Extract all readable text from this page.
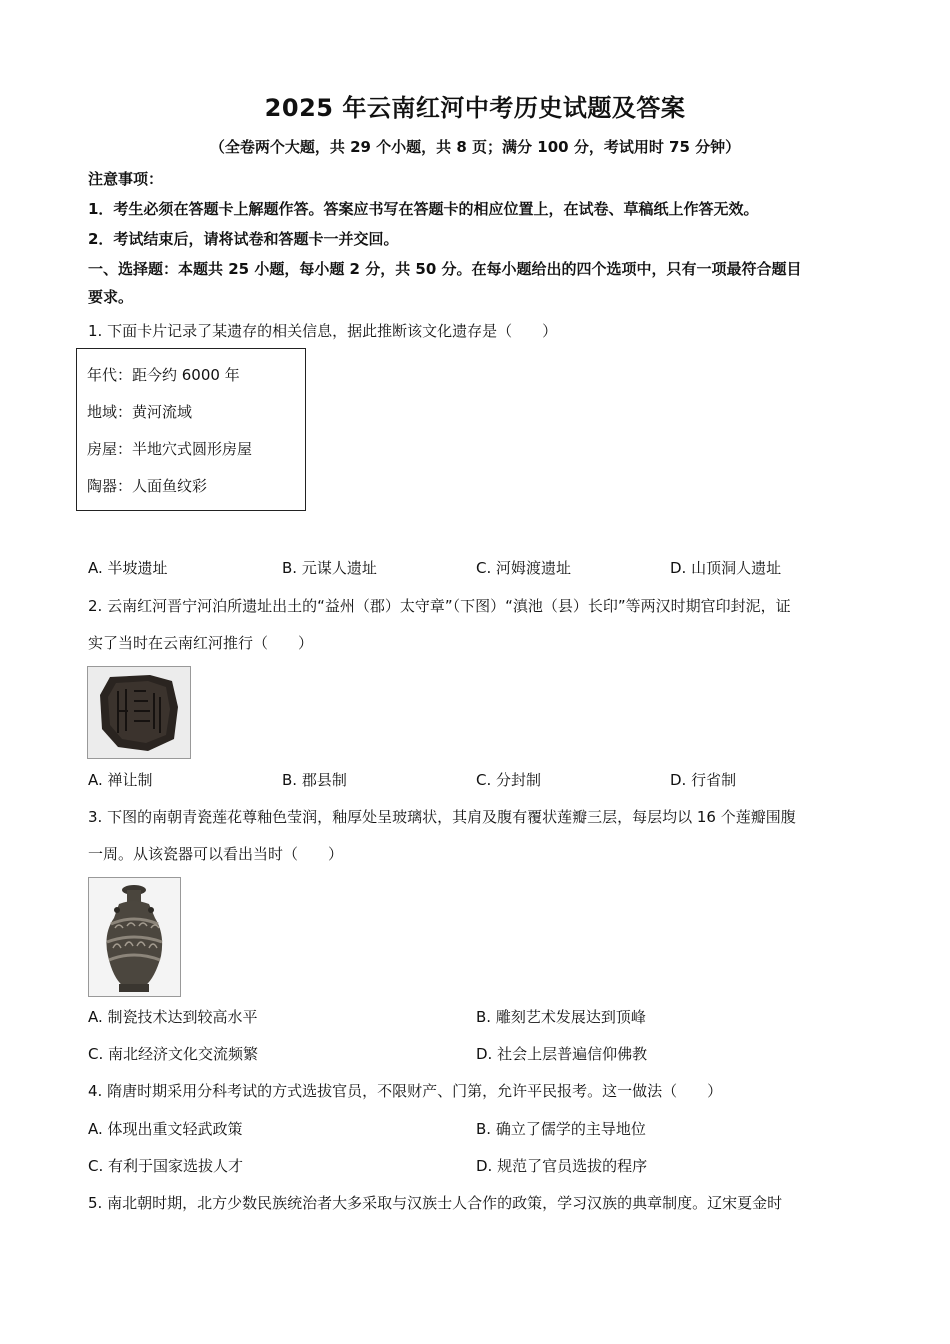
2025 年云南红河中考历史试题及答案
（全卷两个大题，共 29 个小题，共 8 页；满分 100 分，考试用时 75 分钟）
注意事项：
1．考生必须在答题卡上解题作答。答案应书写在答题卡的相应位置上，在试卷、草稿纸上作答无效。
2．考试结束后，请将试卷和答题卡一并交回。
一、选择题：本题共 25 小题，每小题 2 分，共 50 分。在每小题给出的四个选项中，只有一项最符合题目
要求。
1. 下面卡片记录了某遗存的相关信息，据此推断该文化遗存是（　　）
年代：距今约 6000 年
地域：黄河流域
房屋：半地穴式圆形房屋
陶器：人面鱼纹彩
A. 半坡遗址	B. 元谋人遗址	C. 河姆渡遗址	D. 山顶洞人遗址
2. 云南红河晋宁河泊所遗址出土的“益州（郡）太守章”（下图）“滇池（县）长印”等两汉时期官印封泥，证
实了当时在云南红河推行（　　）
A. 禅让制	B. 郡县制	C. 分封制	D. 行省制
3. 下图的南朝青瓷莲花尊釉色莹润，釉厚处呈玻璃状，其肩及腹有覆状莲瓣三层，每层均以 16 个莲瓣围腹
一周。从该瓷器可以看出当时（　　）
A. 制瓷技术达到较高水平	B. 雕刻艺术发展达到顶峰
C. 南北经济文化交流频繁	D. 社会上层普遍信仰佛教
4. 隋唐时期采用分科考试的方式选拔官员，不限财产、门第，允许平民报考。这一做法（　　）
A. 体现出重文轻武政策	B. 确立了儒学的主导地位
C. 有利于国家选拔人才	D. 规范了官员选拔的程序
5. 南北朝时期，北方少数民族统治者大多采取与汉族士人合作的政策，学习汉族的典章制度。辽宋夏金时
